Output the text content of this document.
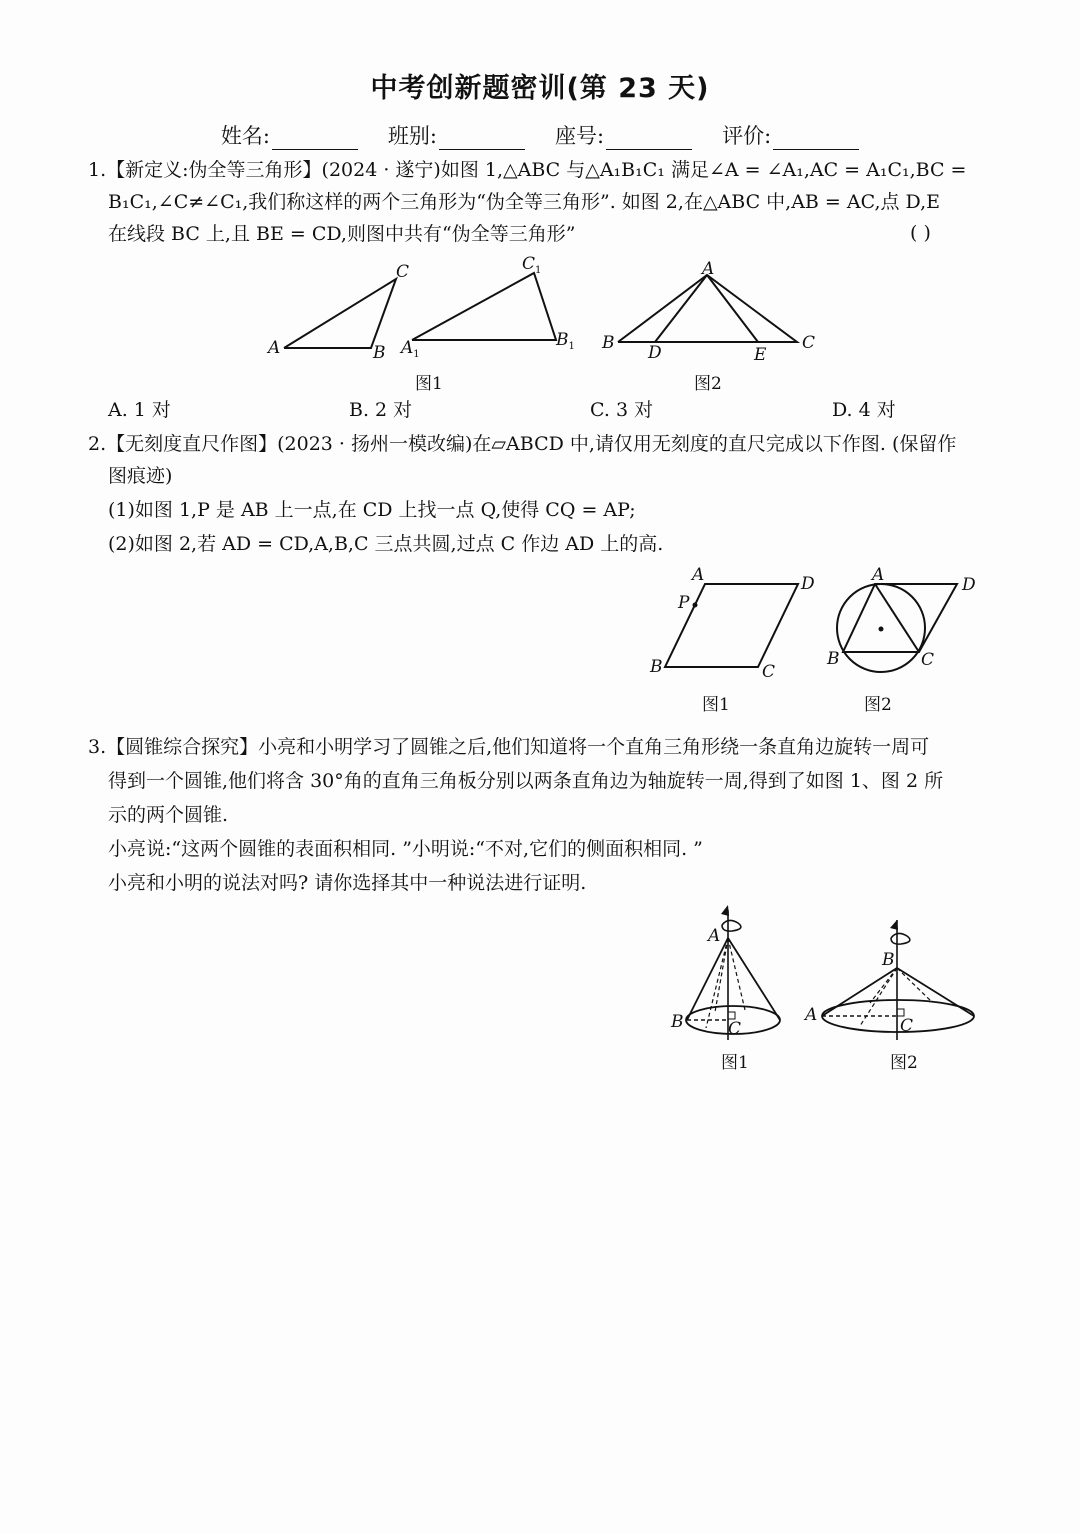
中考创新题密训(第 23 天)
姓名:	班别:	座号:	评价:
1.【新定义:伪全等三角形】(2024 · 遂宁)如图 1,△ABC 与△A₁B₁C₁ 满足∠A = ∠A₁,AC = A₁C₁,BC =
B₁C₁,∠C≠∠C₁,我们称这样的两个三角形为“伪全等三角形”. 如图 2,在△ABC 中,AB = AC,点 D,E
在线段 BC 上,且 BE = CD,则图中共有“伪全等三角形”	( )
A	B
C
$A_1$
$B_1$
$C_1$	A
B D	E
C
图1	图2
A. 1 对	B. 2 对	C. 3 对	D. 4 对
2.【无刻度直尺作图】(2023 · 扬州一模改编)在▱ABCD 中,请仅用无刻度的直尺完成以下作图. (保留作
图痕迹)
(1)如图 1,P 是 AB 上一点,在 CD 上找一点 Q,使得 CQ = AP;
(2)如图 2,若 AD = CD,A,B,C 三点共圆,过点 C 作边 AD 上的高.
A	D
P
B	C
A	D
B	C
图1	图2
3.【圆锥综合探究】小亮和小明学习了圆锥之后,他们知道将一个直角三角形绕一条直角边旋转一周可
得到一个圆锥,他们将含 30°角的直角三角板分别以两条直角边为轴旋转一周,得到了如图 1、图 2 所
示的两个圆锥.
小亮说:“这两个圆锥的表面积相同. ”小明说:“不对,它们的侧面积相同. ”
小亮和小明的说法对吗? 请你选择其中一种说法进行证明.
A
B	C
B
A
C
图1	图2
